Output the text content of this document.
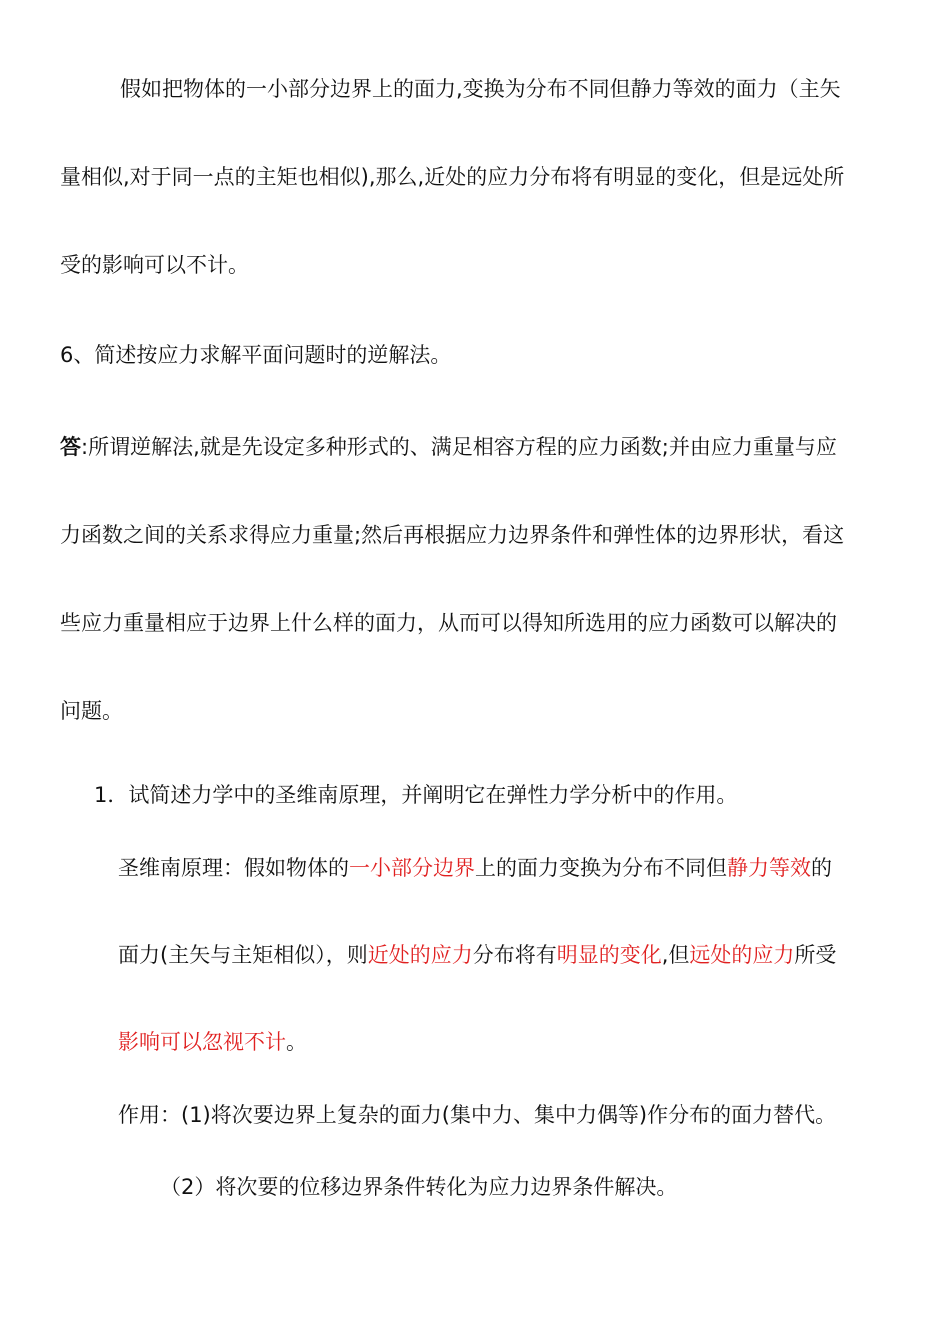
假如把物体的一小部分边界上的面力,变换为分布不同但静力等效的面力（主矢
量相似,对于同一点的主矩也相似),那么,近处的应力分布将有明显的变化，但是远处所
受的影响可以不计。
6、简述按应力求解平面问题时的逆解法。
答:所谓逆解法,就是先设定多种形式的、满足相容方程的应力函数;并由应力重量与应
力函数之间的关系求得应力重量;然后再根据应力边界条件和弹性体的边界形状，看这
些应力重量相应于边界上什么样的面力，从而可以得知所选用的应力函数可以解决的
问题。
1．试简述力学中的圣维南原理，并阐明它在弹性力学分析中的作用。
圣维南原理：假如物体的一小部分边界上的面力变换为分布不同但静力等效的
面力(主矢与主矩相似），则近处的应力分布将有明显的变化,但远处的应力所受
影响可以忽视不计。
作用：(1)将次要边界上复杂的面力(集中力、集中力偶等)作分布的面力替代。
（2）将次要的位移边界条件转化为应力边界条件解决。
